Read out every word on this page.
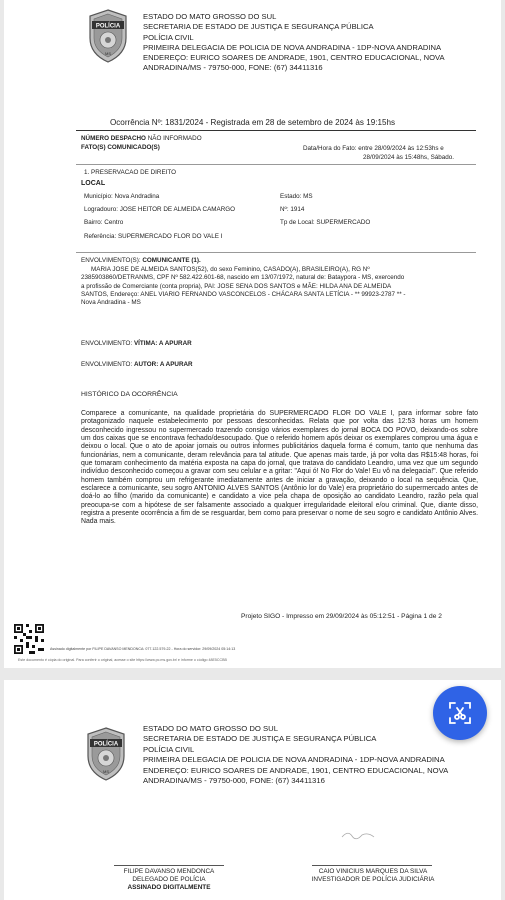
POLÍCIA
MS
ESTADO DO MATO GROSSO DO SUL
SECRETARIA DE ESTADO DE JUSTIÇA E SEGURANÇA PÚBLICA
POLÍCIA CIVIL
PRIMEIRA DELEGACIA DE POLICIA DE NOVA ANDRADINA - 1DP-NOVA ANDRADINA
ENDEREÇO: EURICO SOARES DE ANDRADE, 1901, CENTRO EDUCACIONAL, NOVA
ANDRADINA/MS - 79750-000, FONE: (67) 34411316
Ocorrência Nº: 1831/2024 - Registrada em 28 de setembro de 2024 às 19:15hs
NÚMERO DESPACHO NÃO INFORMADO
FATO(S) COMUNICADO(S)	Data/Hora do Fato: entre 28/09/2024 às 12:53hs e
28/09/2024 às 15:48hs, Sábado.
1. PRESERVACAO DE DIREITO
LOCAL
Município: Nova Andradina	Estado: MS
Logradouro: JOSE HEITOR DE ALMEIDA CAMARGO	Nº: 1914
Bairro: Centro	Tp de Local: SUPERMERCADO
Referência: SUPERMERCADO FLOR DO VALE I
ENVOLVIMENTO(S): COMUNICANTE (1).
MARIA JOSE DE ALMEIDA SANTOS(52), do sexo Feminino, CASADO(A), BRASILEIRO(A), RG Nº
2385903860/DETRANMS, CPF Nº 582.422.601-68, nascido em 13/07/1972, natural de: Bataypora - MS, exercendo
a profissão de Comerciante (conta propria), PAI: JOSE SENA DOS SANTOS e MÃE: HILDA ANA DE ALMEIDA
SANTOS, Endereço: ANEL VIARIO FERNANDO VASCONCELOS - CHÁCARA SANTA LETÍCIA - ** 99923-2787 ** -
Nova Andradina - MS
ENVOLVIMENTO: VÍTIMA: A APURAR
ENVOLVIMENTO: AUTOR: A APURAR
HISTÓRICO DA OCORRÊNCIA
Comparece a comunicante, na qualidade proprietária do SUPERMERCADO FLOR DO VALE I, para informar sobre fato protagonizado naquele estabelecimento por pessoas desconhecidas. Relata que por volta das 12:53 horas um homem desconhecido ingressou no supermercado trazendo consigo vários exemplares do jornal BOCA DO POVO, deixando-os sobre um dos caixas que se encontrava fechado/desocupado. Que o referido homem após deixar os exemplares comprou uma água e deixou o local. Que o ato de apoiar jornais ou outros informes publicitários daquela forma é comum, tanto que nenhuma das funcionárias, nem a comunicante, deram relevância para tal atitude. Que apenas mais tarde, já por volta das R$15:48 horas, foi que tomaram conhecimento da matéria exposta na capa do jornal, que tratava do candidato Leandro, uma vez que um segundo indivíduo desconhecido começou a gravar com seu celular e a gritar: "Aqui ó! No Flor do Vale! Eu vô na delegacia!". Que referido homem também comprou um refrigerante imediatamente antes de iniciar a gravação, deixando o local na sequência. Que, esclarece a comunicante, seu sogro ANTONIO ALVES SANTOS (Antônio lor do Vale) era proprietário do supermercado antes de doá-lo ao filho (marido da comunicante) e candidato a vice pela chapa de oposição ao candidato Leandro, razão pela qual preocupa-se com a hipótese de ser falsamente associado a qualquer irregularidade eleitoral e/ou criminal. Que, diante disso, registra a presente ocorrência a fim de se resguardar, bem como para preservar o nome de seu sogro e candidato Antônio Alves. Nada mais.
Projeto SIGO - Impresso em 29/09/2024 às 05:12:51 - Página 1 de 2
Assinado digitalmente por FILIPE DAVANSO MENDONCA: 077.122.579-22 - Hora do servidor: 29/09/2024 05:14:13
Este documento é cópia do original. Para conferir o original, acesse o site https://www.pc.ms.gov.br/ e informe o código 48E5CCBB
POLÍCIA
MS
ESTADO DO MATO GROSSO DO SUL
SECRETARIA DE ESTADO DE JUSTIÇA E SEGURANÇA PÚBLICA
POLÍCIA CIVIL
PRIMEIRA DELEGACIA DE POLICIA DE NOVA ANDRADINA - 1DP-NOVA ANDRADINA
ENDEREÇO: EURICO SOARES DE ANDRADE, 1901, CENTRO EDUCACIONAL, NOVA
ANDRADINA/MS - 79750-000, FONE: (67) 34411316
FILIPE DAVANSO MENDONCA
DELEGADO DE POLÍCIA
ASSINADO DIGITALMENTE
CAIO VINICIUS MARQUES DA SILVA
INVESTIGADOR DE POLÍCIA JUDICIÁRIA
